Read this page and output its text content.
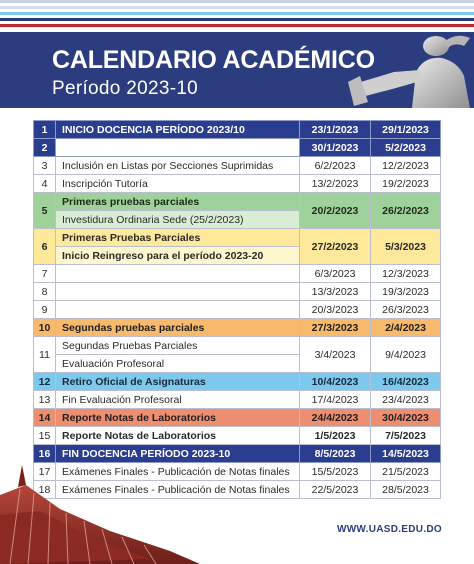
CALENDARIO ACADÉMICO
Período 2023-10
1	INICIO DOCENCIA PERÍODO 2023/10	23/1/2023	29/1/2023
2		30/1/2023	5/2/2023
3	Inclusión en Listas por Secciones Suprimidas	6/2/2023	12/2/2023
4	Inscripción Tutoría	13/2/2023	19/2/2023
5	Primeras pruebas parciales	20/2/2023	26/2/2023
	Investidura Ordinaria Sede (25/2/2023)		
6	Primeras Pruebas Parciales	27/2/2023	5/3/2023
	Inicio Reingreso para el período 2023-20		
7		6/3/2023	12/3/2023
8		13/3/2023	19/3/2023
9		20/3/2023	26/3/2023
10	Segundas pruebas parciales	27/3/2023	2/4/2023
11	Segundas Pruebas Parciales	3/4/2023	9/4/2023
	Evaluación Profesoral		
12	Retiro Oficial de Asignaturas	10/4/2023	16/4/2023
13	Fin Evaluación Profesoral	17/4/2023	23/4/2023
14	Reporte Notas de Laboratorios	24/4/2023	30/4/2023
15	Reporte Notas de Laboratorios	1/5/2023	7/5/2023
16	FIN DOCENCIA PERÍODO 2023-10	8/5/2023	14/5/2023
17	Exámenes Finales - Publicación de Notas finales	15/5/2023	21/5/2023
18	Exámenes Finales - Publicación de Notas finales	22/5/2023	28/5/2023
WWW.UASD.EDU.DO
